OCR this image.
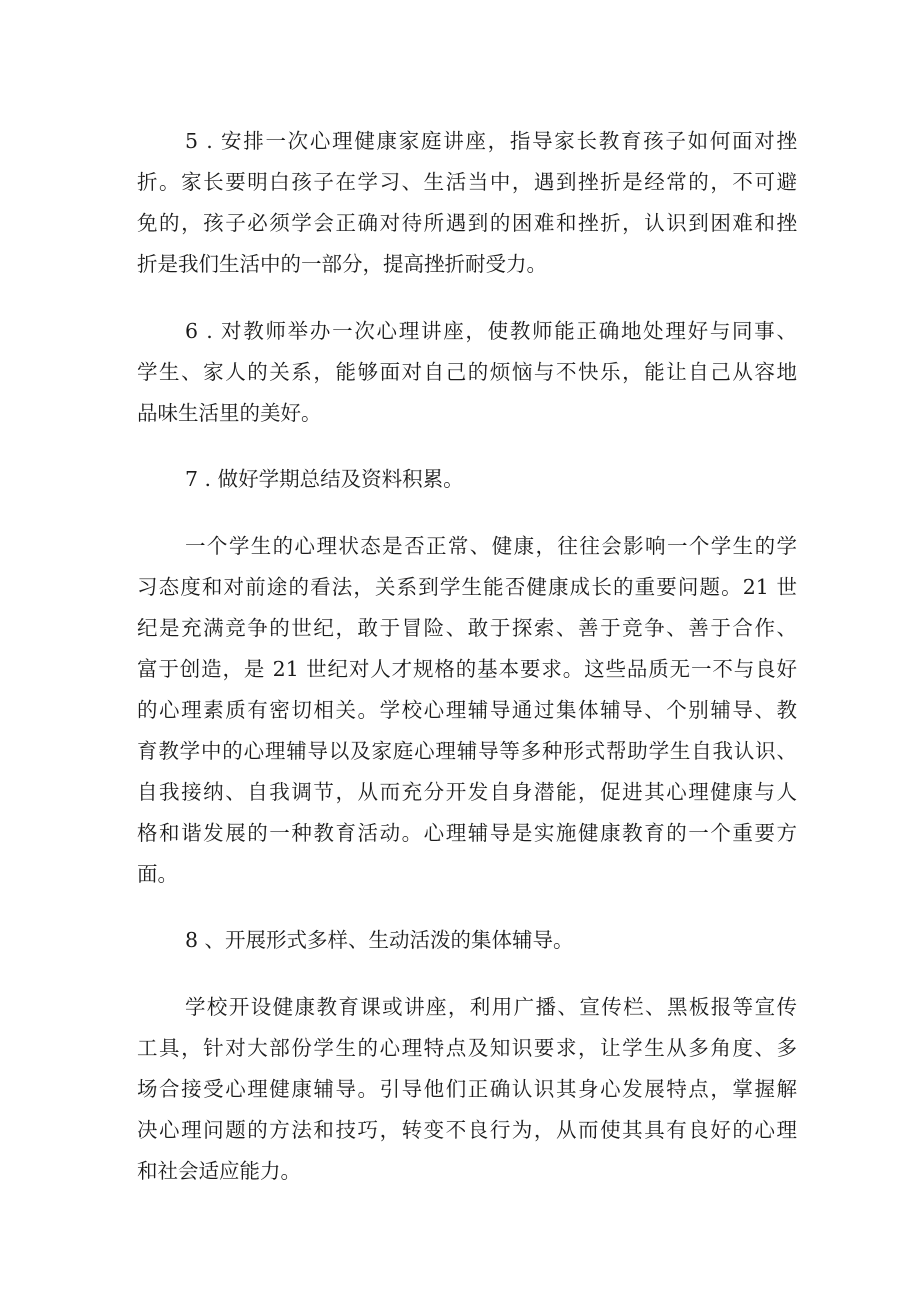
5 . 安排一次心理健康家庭讲座，指导家长教育孩子如何面对挫
折。家长要明白孩子在学习、生活当中，遇到挫折是经常的，不可避
免的，孩子必须学会正确对待所遇到的困难和挫折，认识到困难和挫
折是我们生活中的一部分，提高挫折耐受力。
6 . 对教师举办一次心理讲座，使教师能正确地处理好与同事、
学生、家人的关系，能够面对自己的烦恼与不快乐，能让自己从容地
品味生活里的美好。
7 . 做好学期总结及资料积累。
一个学生的心理状态是否正常、健康，往往会影响一个学生的学
习态度和对前途的看法，关系到学生能否健康成长的重要问题。21 世
纪是充满竞争的世纪，敢于冒险、敢于探索、善于竞争、善于合作、
富于创造，是 21 世纪对人才规格的基本要求。这些品质无一不与良好
的心理素质有密切相关。学校心理辅导通过集体辅导、个别辅导、教
育教学中的心理辅导以及家庭心理辅导等多种形式帮助学生自我认识、
自我接纳、自我调节，从而充分开发自身潜能，促进其心理健康与人
格和谐发展的一种教育活动。心理辅导是实施健康教育的一个重要方
面。
8 、开展形式多样、生动活泼的集体辅导。
学校开设健康教育课或讲座，利用广播、宣传栏、黑板报等宣传
工具，针对大部份学生的心理特点及知识要求，让学生从多角度、多
场合接受心理健康辅导。引导他们正确认识其身心发展特点，掌握解
决心理问题的方法和技巧，转变不良行为，从而使其具有良好的心理
和社会适应能力。
